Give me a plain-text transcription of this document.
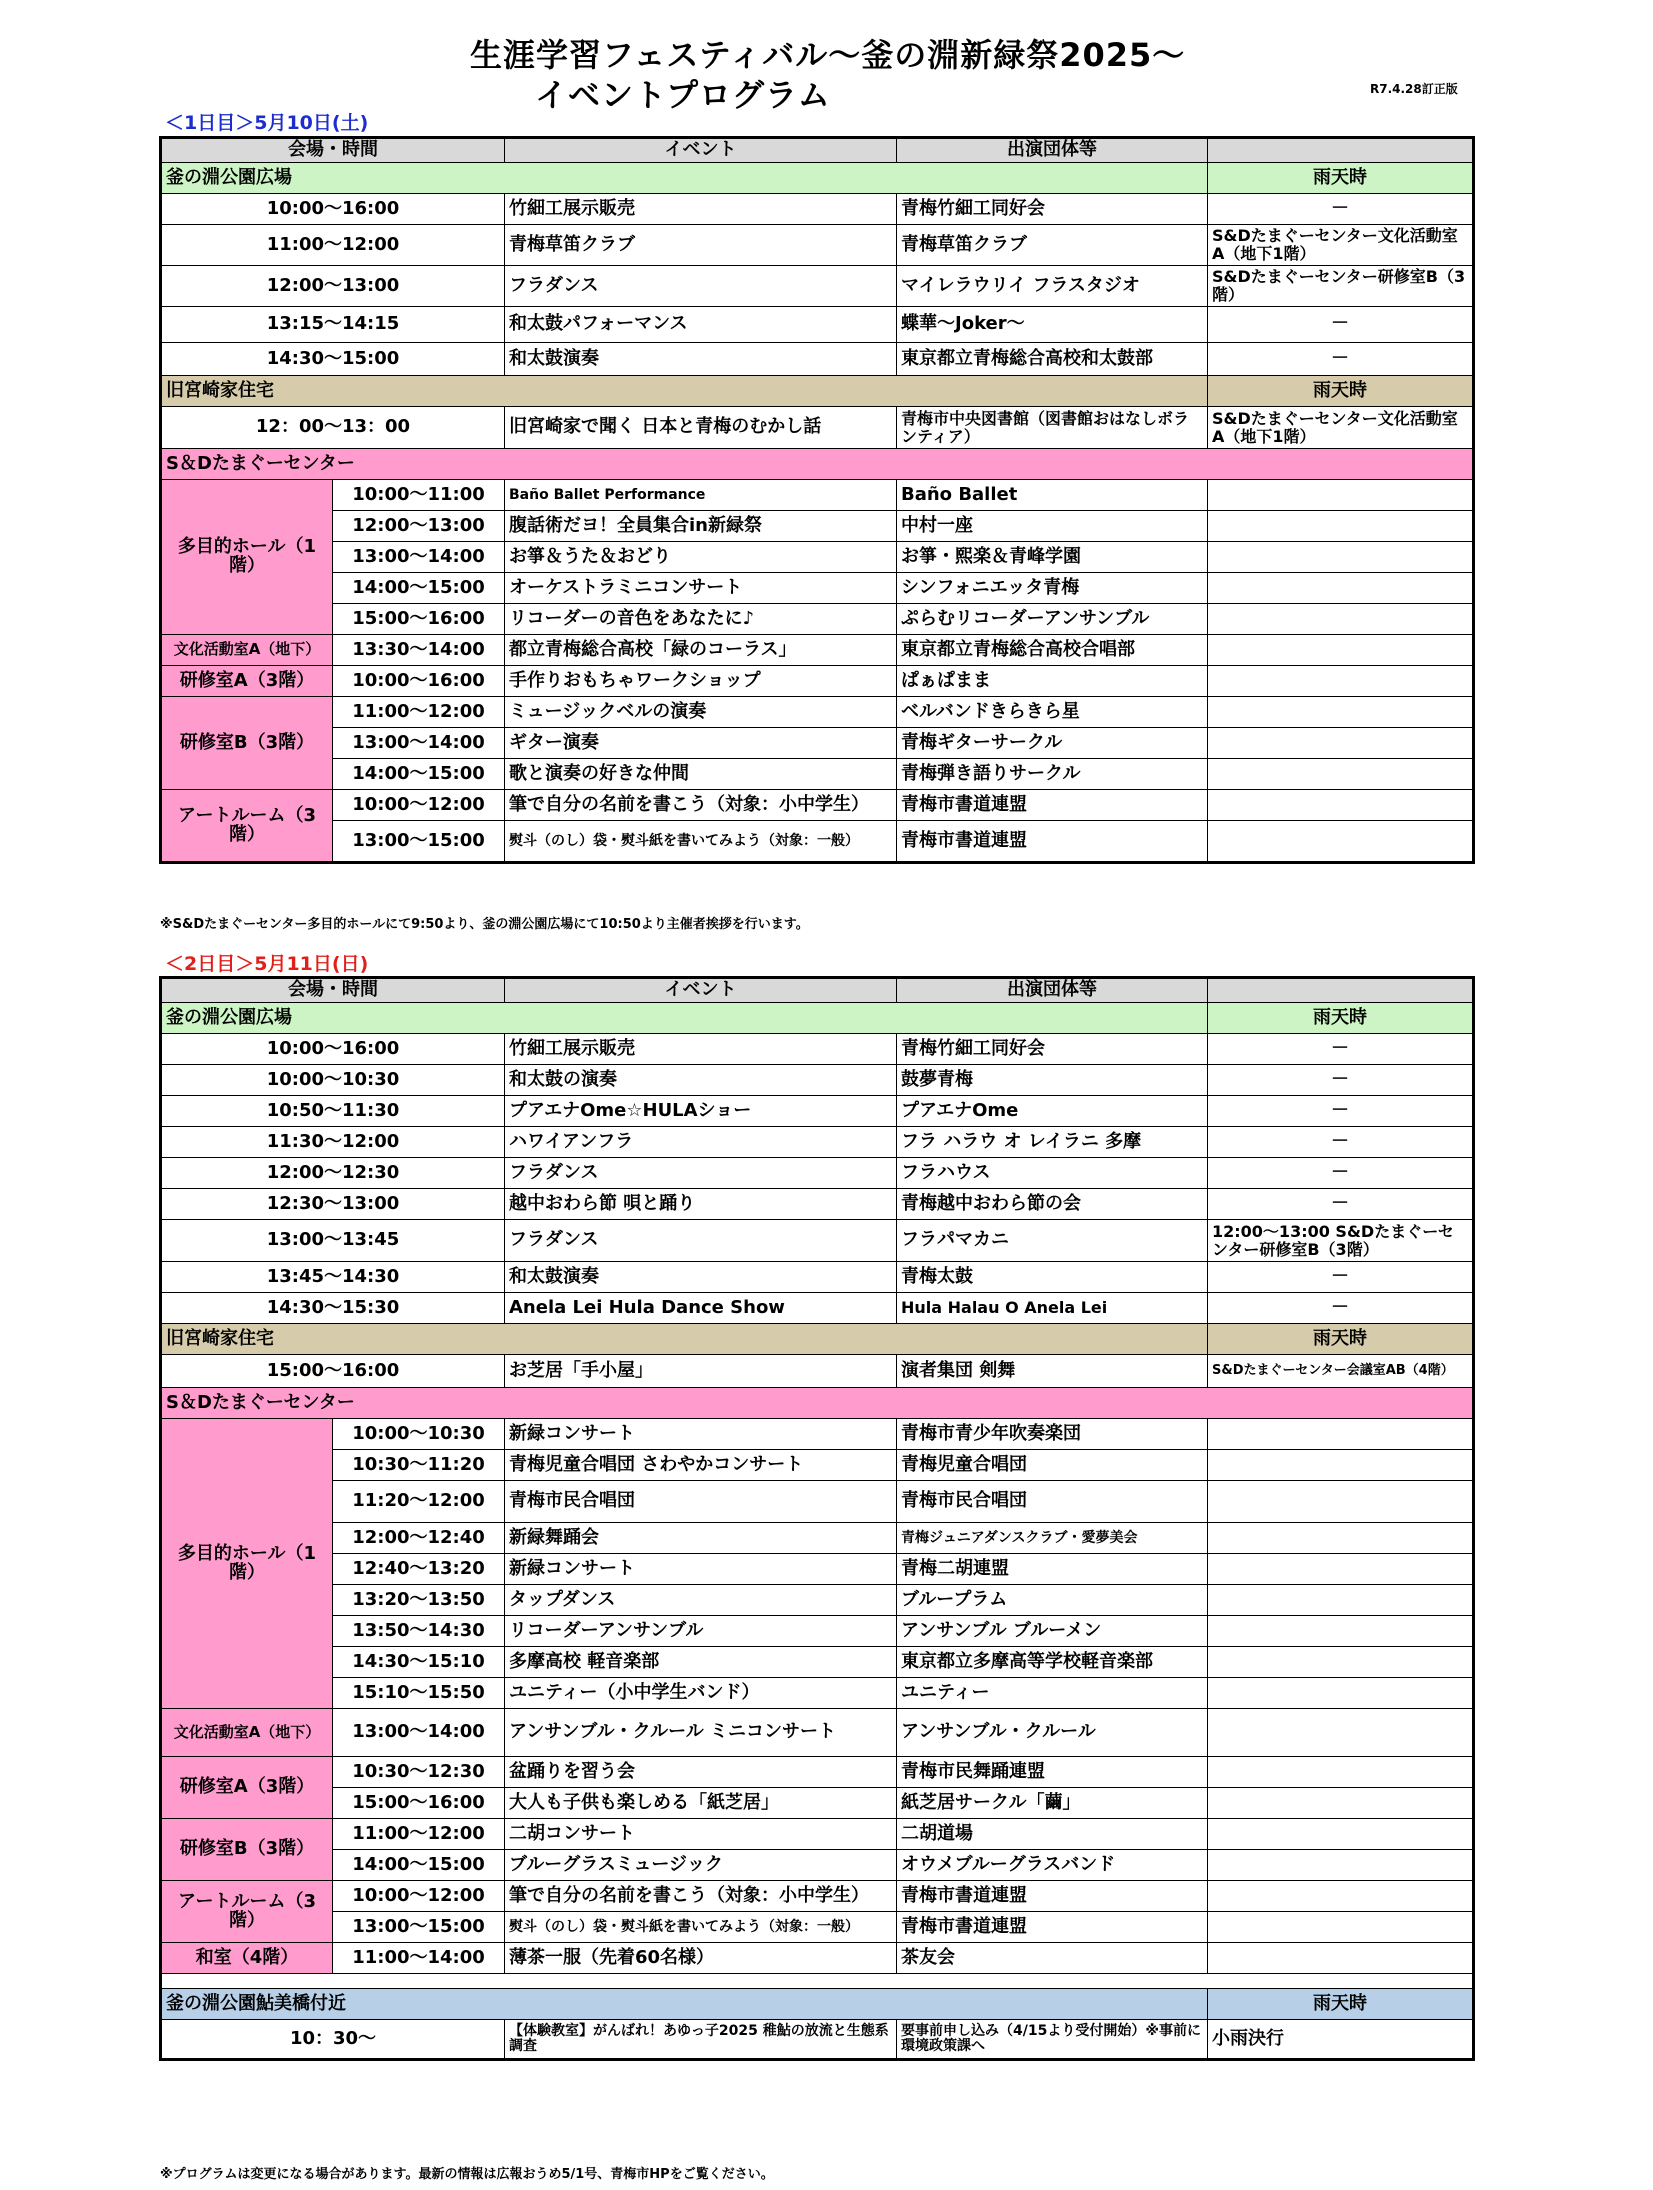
生涯学習フェスティバル～釜の淵新緑祭2025～
イベントプログラム	R7.4.28訂正版
＜1日目＞5月10日(土)
会場・時間		イベント	出演団体等	
釜の淵公園広場				雨天時
10:00～16:00		竹細工展示販売	青梅竹細工同好会	－
11:00～12:00		青梅草笛クラブ	青梅草笛クラブ	S&Dたまぐーセンター文化活動室A（地下1階）
12:00～13:00		フラダンス	マイレラウリイ フラスタジオ	S&Dたまぐーセンター研修室B（3階）
13:15～14:15		和太鼓パフォーマンス	蝶華～Joker～	－
14:30～15:00		和太鼓演奏	東京都立青梅総合高校和太鼓部	－
旧宮崎家住宅				雨天時
12：00～13：00		旧宮崎家で聞く 日本と青梅のむかし話	青梅市中央図書館（図書館おはなしボランティア）	S&Dたまぐーセンター文化活動室A（地下1階）
S＆Dたまぐーセンター				
多目的ホール（1階）	10:00～11:00	Baño Ballet Performance	Baño Ballet	
	12:00～13:00	腹話術だヨ！全員集合in新緑祭	中村一座	
	13:00～14:00	お箏＆うた＆おどり	お箏・熙楽＆青峰学園	
	14:00～15:00	オーケストラミニコンサート	シンフォニエッタ青梅	
	15:00～16:00	リコーダーの音色をあなたに♪	ぷらむリコーダーアンサンブル	
文化活動室A（地下）	13:30～14:00	都立青梅総合高校「緑のコーラス」	東京都立青梅総合高校合唱部	
研修室A（3階）	10:00～16:00	手作りおもちゃワークショップ	ぱぁぱまま	
研修室B（3階）	11:00～12:00	ミュージックベルの演奏	ベルバンドきらきら星	
	13:00～14:00	ギター演奏	青梅ギターサークル	
	14:00～15:00	歌と演奏の好きな仲間	青梅弾き語りサークル	
アートルーム（3階）	10:00～12:00	筆で自分の名前を書こう（対象：小中学生）	青梅市書道連盟	
	13:00～15:00	熨斗（のし）袋・熨斗紙を書いてみよう（対象：一般）	青梅市書道連盟	
※S&Dたまぐーセンター多目的ホールにて9:50より、釜の淵公園広場にて10:50より主催者挨拶を行います。
＜2日目＞5月11日(日)
会場・時間		イベント	出演団体等	
釜の淵公園広場				雨天時
10:00～16:00		竹細工展示販売	青梅竹細工同好会	－
10:00～10:30		和太鼓の演奏	鼓夢青梅	－
10:50～11:30		プアエナOme☆HULAショー	プアエナOme	－
11:30～12:00		ハワイアンフラ	フラ ハラウ オ レイラニ 多摩	－
12:00～12:30		フラダンス	フラハウス	－
12:30～13:00		越中おわら節 唄と踊り	青梅越中おわら節の会	－
13:00～13:45		フラダンス	フラパマカニ	12:00～13:00 S&Dたまぐーセンター研修室B（3階）
13:45～14:30		和太鼓演奏	青梅太鼓	－
14:30～15:30		Anela Lei Hula Dance Show	Hula Halau O Anela Lei	－
旧宮崎家住宅				雨天時
15:00～16:00		お芝居「手小屋」	演者集団 剣舞	S&Dたまぐーセンター会議室AB（4階）
S＆Dたまぐーセンター				
多目的ホール（1階）	10:00～10:30	新緑コンサート	青梅市青少年吹奏楽団	
	10:30～11:20	青梅児童合唱団 さわやかコンサート	青梅児童合唱団	
	11:20～12:00	青梅市民合唱団	青梅市民合唱団	
	12:00～12:40	新緑舞踊会	青梅ジュニアダンスクラブ・愛夢美会	
	12:40～13:20	新緑コンサート	青梅二胡連盟	
	13:20～13:50	タップダンス	ブループラム	
	13:50～14:30	リコーダーアンサンブル	アンサンブル ブルーメン	
	14:30～15:10	多摩高校 軽音楽部	東京都立多摩高等学校軽音楽部	
	15:10～15:50	ユニティー（小中学生バンド）	ユニティー	
文化活動室A（地下）	13:00～14:00	アンサンブル・クルール ミニコンサート	アンサンブル・クルール	
研修室A（3階）	10:30～12:30	盆踊りを習う会	青梅市民舞踊連盟	
	15:00～16:00	大人も子供も楽しめる「紙芝居」	紙芝居サークル「繭」	
研修室B（3階）	11:00～12:00	二胡コンサート	二胡道場	
	14:00～15:00	ブルーグラスミュージック	オウメブルーグラスバンド	
アートルーム（3階）	10:00～12:00	筆で自分の名前を書こう（対象：小中学生）	青梅市書道連盟	
	13:00～15:00	熨斗（のし）袋・熨斗紙を書いてみよう（対象：一般）	青梅市書道連盟	
和室（4階）	11:00～14:00	薄茶一服（先着60名様）	茶友会	

釜の淵公園鮎美橋付近				雨天時
10：30～		【体験教室】がんばれ！あゆっ子2025 稚鮎の放流と生態系調査	要事前申し込み（4/15より受付開始）※事前に環境政策課へ	小雨決行
※プログラムは変更になる場合があります。最新の情報は広報おうめ5/1号、青梅市HPをご覧ください。
